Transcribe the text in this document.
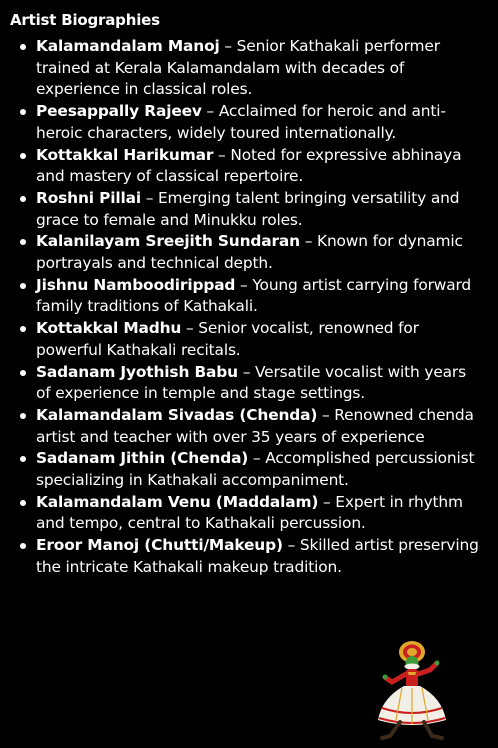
Artist Biographies
Kalamandalam Manoj – Senior Kathakali performer trained at Kerala Kalamandalam with decades of experience in classical roles.
Peesappally Rajeev – Acclaimed for heroic and anti-heroic characters, widely toured internationally.
Kottakkal Harikumar – Noted for expressive abhinaya and mastery of classical repertoire.
Roshni Pillai – Emerging talent bringing versatility and grace to female and Minukku roles.
Kalanilayam Sreejith Sundaran – Known for dynamic portrayals and technical depth.
Jishnu Namboodirippad – Young artist carrying forward family traditions of Kathakali.
Kottakkal Madhu – Senior vocalist, renowned for powerful Kathakali recitals.
Sadanam Jyothish Babu – Versatile vocalist with years of experience in temple and stage settings.
Kalamandalam Sivadas (Chenda) – Renowned chenda artist and teacher with over 35 years of experience
Sadanam Jithin (Chenda) – Accomplished percussionist specializing in Kathakali accompaniment.
Kalamandalam Venu (Maddalam) – Expert in rhythm and tempo, central to Kathakali percussion.
Eroor Manoj (Chutti/Makeup) – Skilled artist preserving the intricate Kathakali makeup tradition.
